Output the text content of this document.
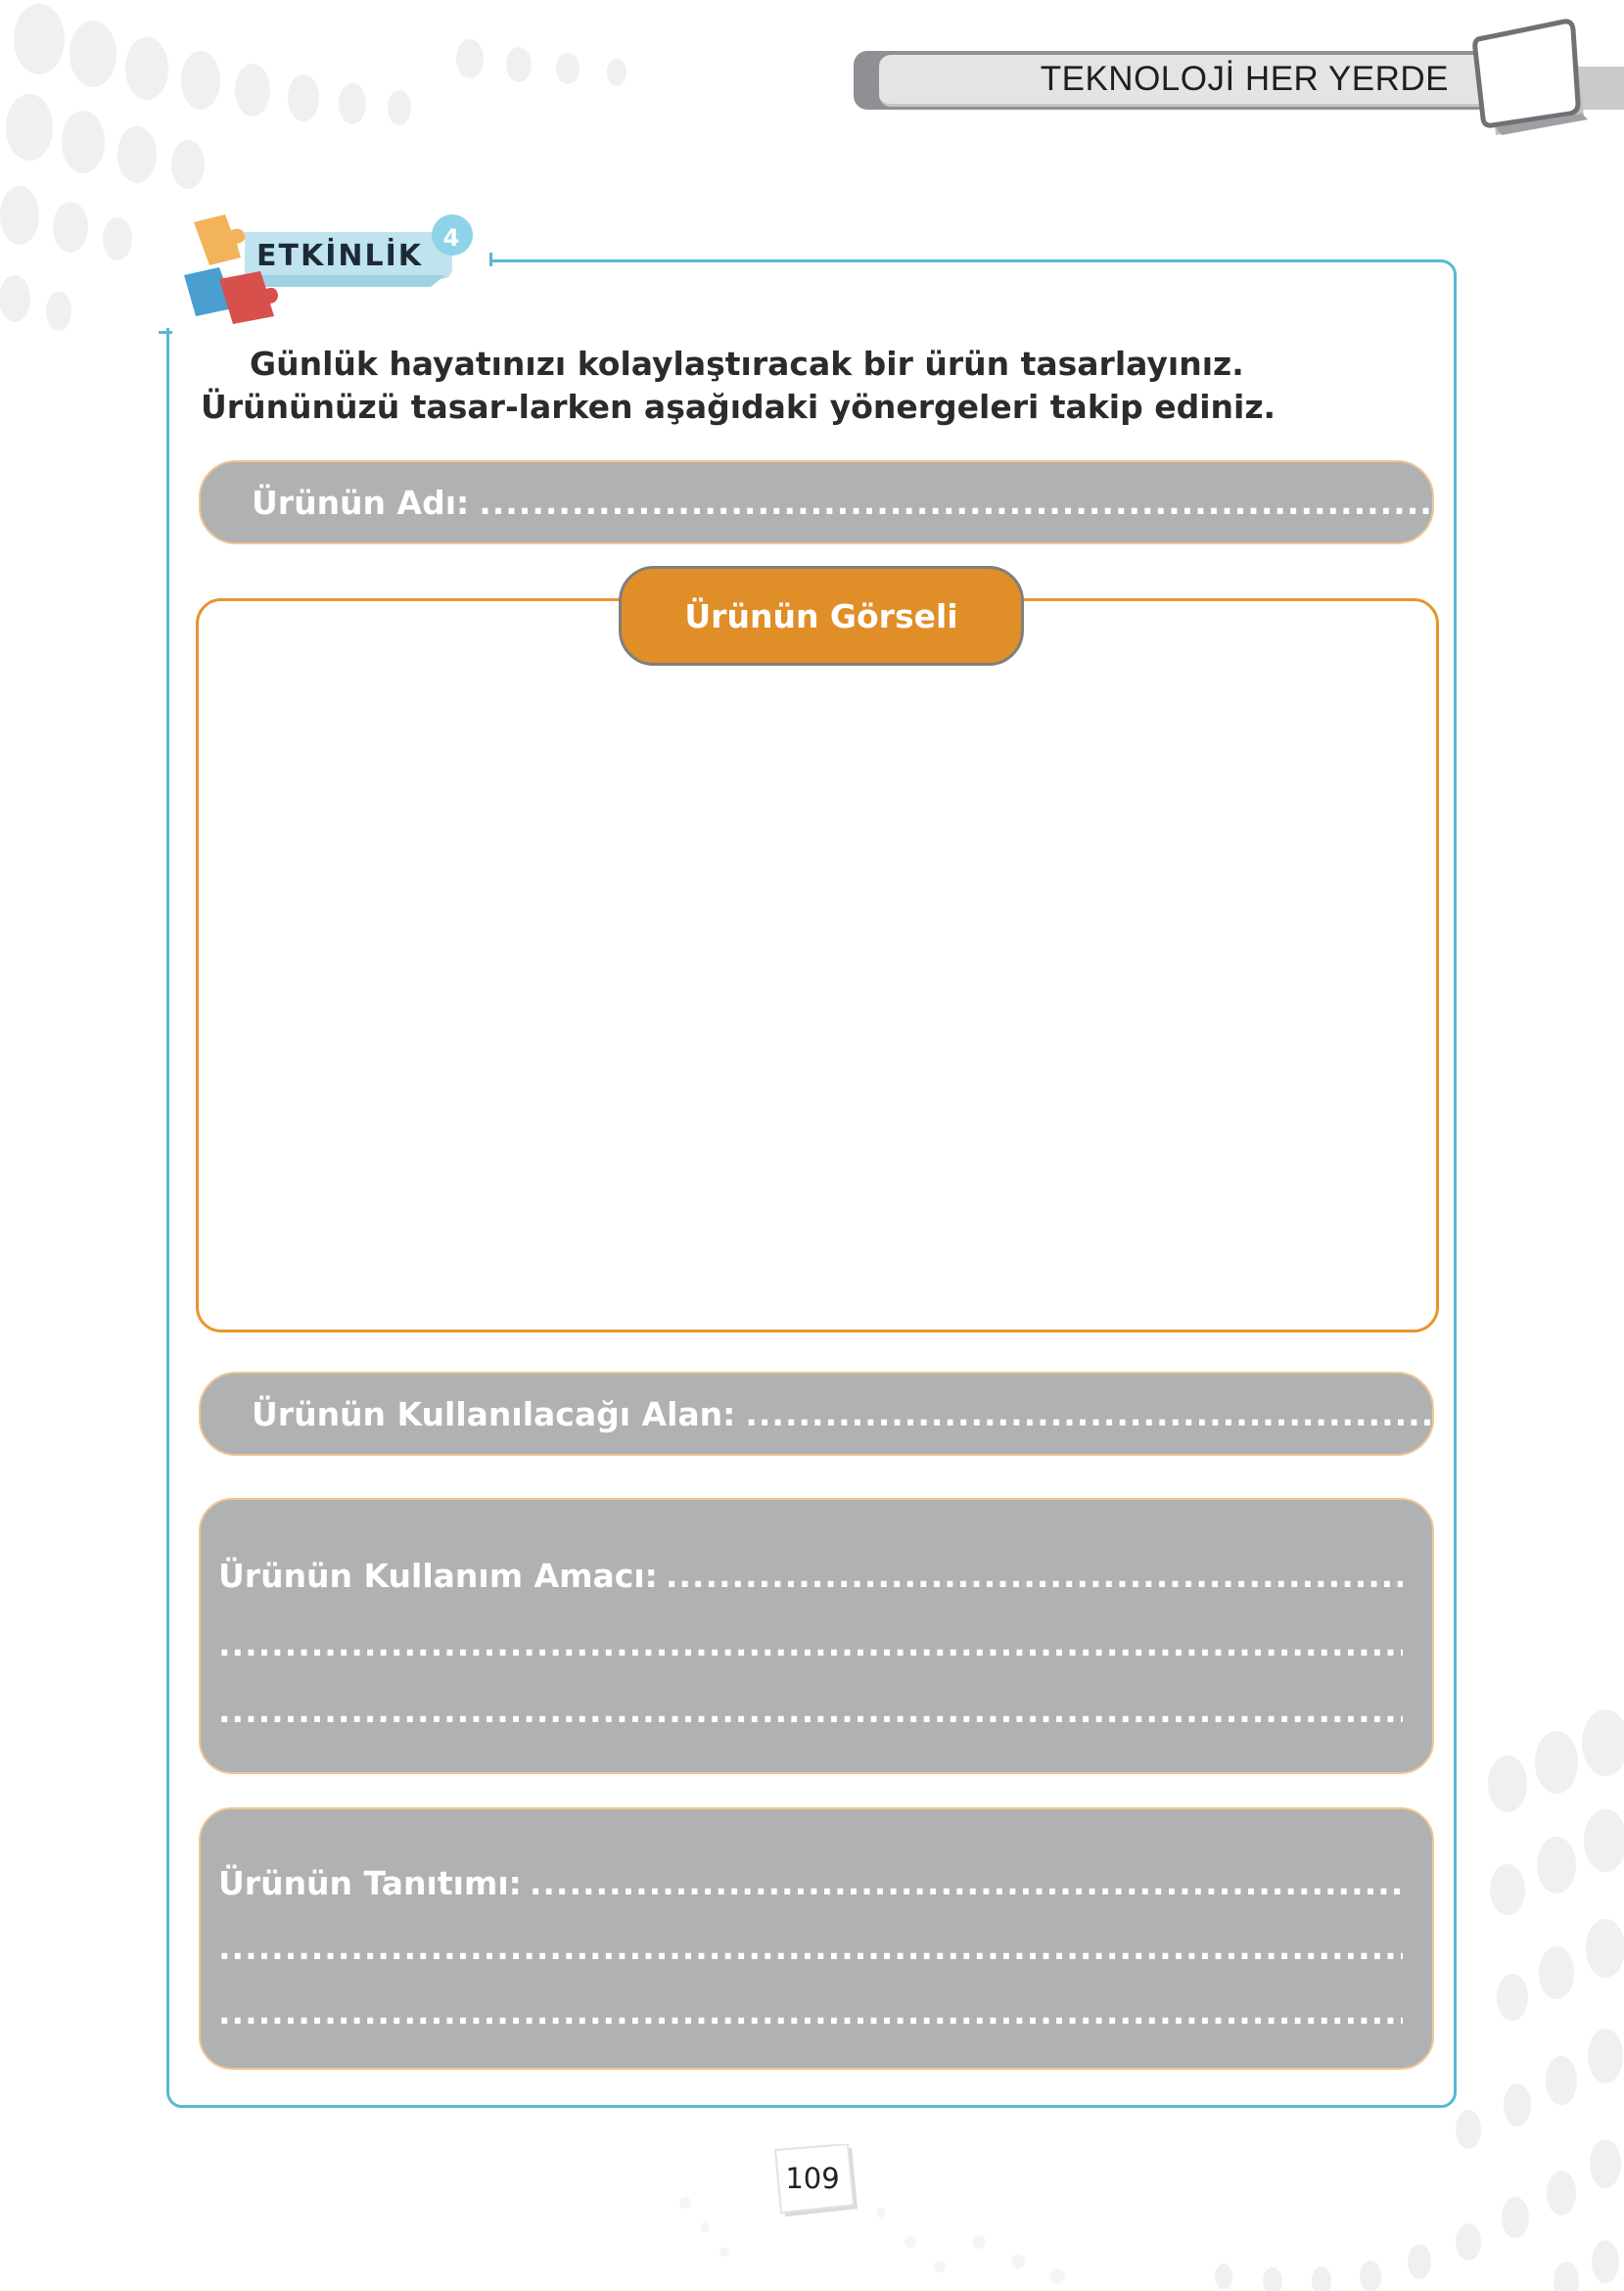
TEKNOLOJİ HER YERDE
ETKİNLİK
4

Günlük hayatınızı kolaylaştıracak bir ürün tasarlayınız. Ürününüzü tasar-larken aşağıdaki yönergeleri takip ediniz.

Ürünün Adı:
.....
Ürünün Görseli
Ürünün Kullanılacağı Alan:
.....
Ürünün Kullanım Amacı:
.....
.....
.....
Ürünün Tanıtımı:
.....
.....
.....
109
